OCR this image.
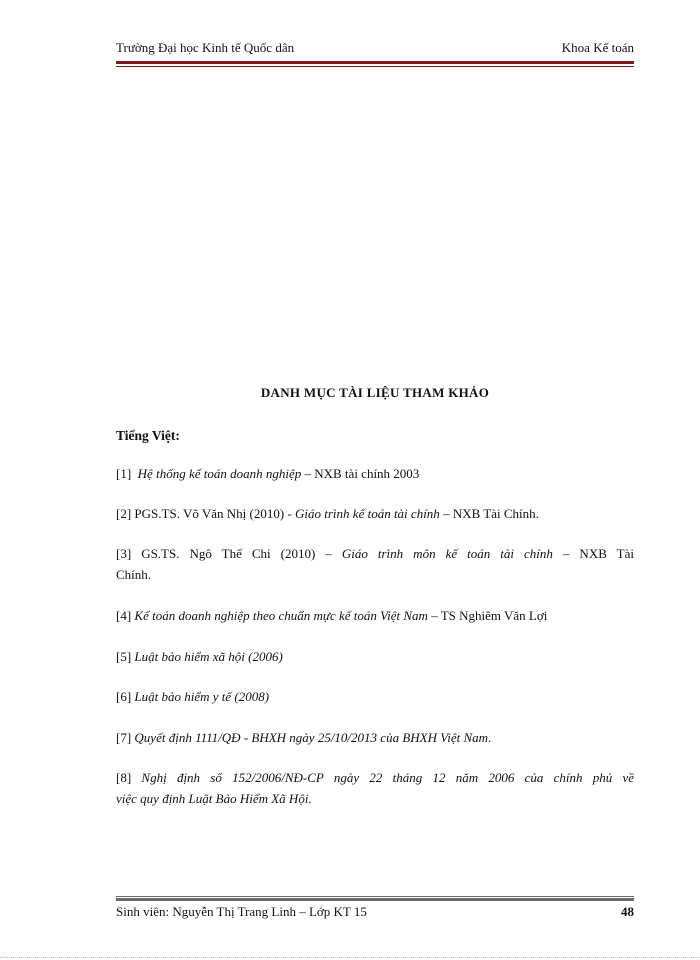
Trường Đại học Kinh tế Quốc dân	Khoa Kế toán
DANH MỤC TÀI LIỆU THAM KHẢO
Tiếng Việt:
[1] Hệ thống kế toán doanh nghiệp – NXB tài chính 2003
[2] PGS.TS. Võ Văn Nhị (2010) - Giáo trình kế toán tài chính – NXB Tài Chính.
[3] GS.TS. Ngô Thế Chi (2010) – Giáo trình môn kế toán tài chính – NXB Tài
Chính.
[4] Kế toán doanh nghiệp theo chuẩn mực kế toán Việt Nam – TS Nghiêm Văn Lợi
[5] Luật bảo hiểm xã hội (2006)
[6] Luật bảo hiểm y tế (2008)
[7] Quyết định 1111/QĐ - BHXH ngày 25/10/2013 của BHXH Việt Nam.
[8] Nghị định số 152/2006/NĐ-CP ngày 22 tháng 12 năm 2006 của chính phủ về
việc quy định Luật Bảo Hiểm Xã Hội.
Sinh viên: Nguyễn Thị Trang Linh – Lớp KT 15	48
